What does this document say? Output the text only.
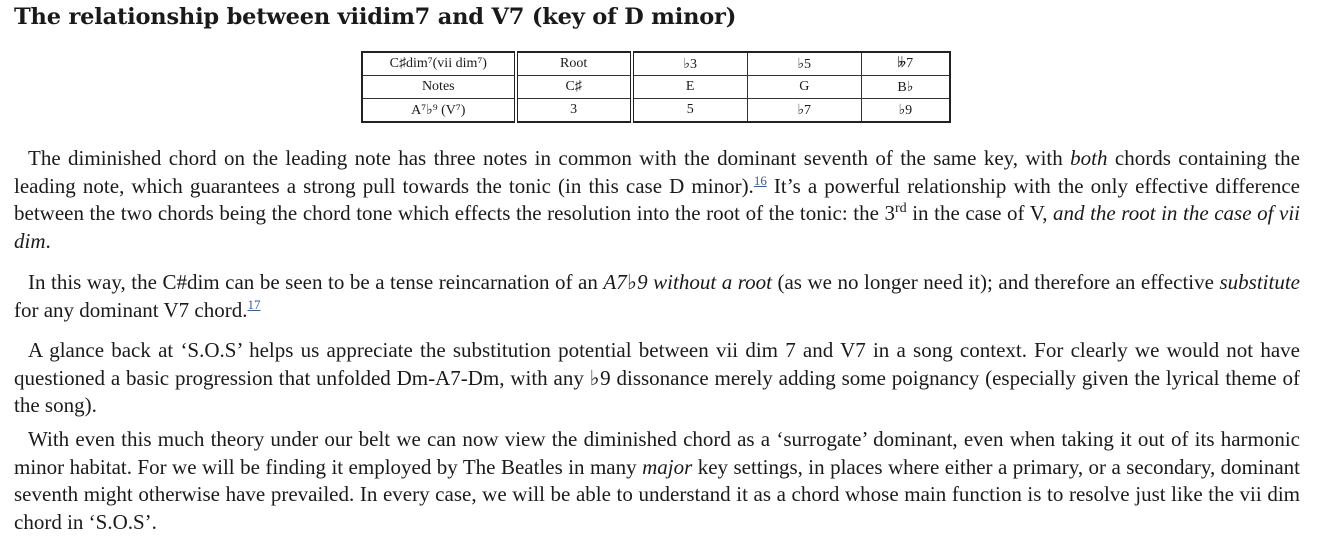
The relationship between viidim7 and V7 (key of D minor)
C♯dim⁷(vii dim⁷)	Root	♭3	♭5	𝄫7
Notes	C♯	E	G	B♭
A⁷♭⁹ (V⁷)	3	5	♭7	♭9

The diminished chord on the leading note has three notes in common with the dominant seventh of the same key, with both chords containing the leading note, which guarantees a strong pull towards the tonic (in this case D minor).$^{16}$ It’s a powerful relationship with the only effective difference between the two chords being the chord tone which effects the resolution into the root of the tonic: the 3rd in the case of V, and the root in the case of vii dim.

In this way, the C#dim can be seen to be a tense reincarnation of an A7♭9 without a root (as we no longer need it); and therefore an effective substitute for any dominant V7 chord.$^{17}$

A glance back at ‘S.O.S’ helps us appreciate the substitution potential between vii dim 7 and V7 in a song context. For clearly we would not have questioned a basic progression that unfolded Dm-A7-Dm, with any ♭9 dissonance merely adding some poignancy (especially given the lyrical theme of the song).

With even this much theory under our belt we can now view the diminished chord as a ‘surrogate’ dominant, even when taking it out of its harmonic minor habitat. For we will be finding it employed by The Beatles in many major key settings, in places where either a primary, or a secondary, dominant seventh might otherwise have prevailed. In every case, we will be able to understand it as a chord whose main function is to resolve just like the vii dim chord in ‘S.O.S’.
